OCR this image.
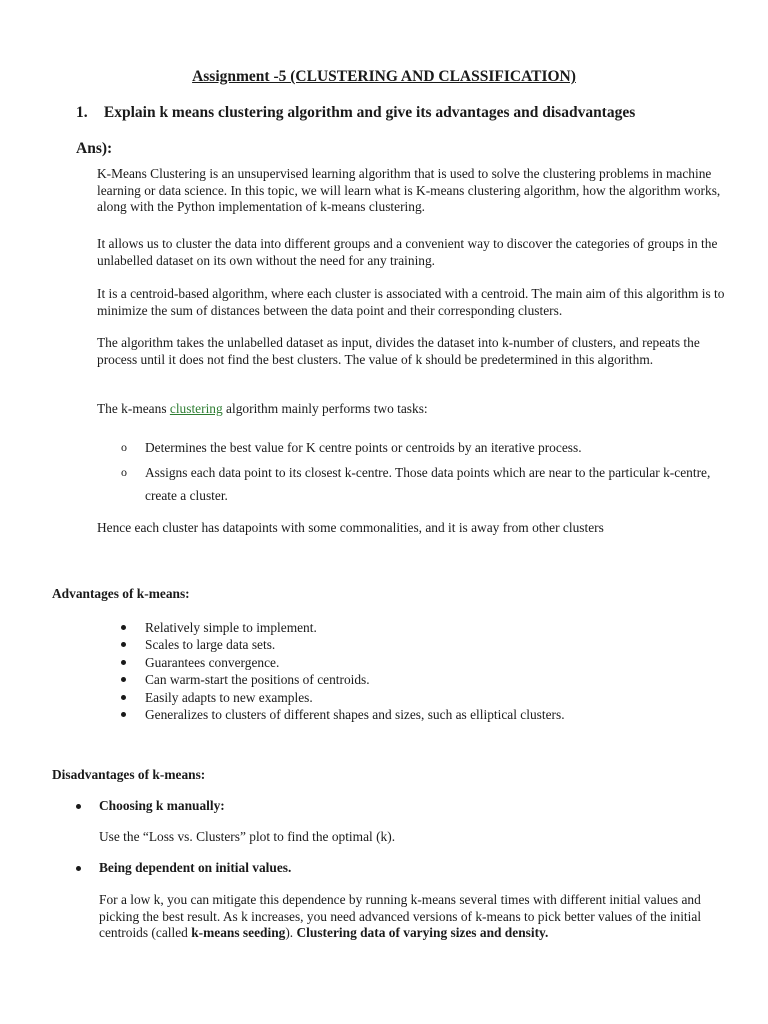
Assignment -5 (CLUSTERING AND CLASSIFICATION)
1. Explain k means clustering algorithm and give its advantages and disadvantages
Ans):
K-Means Clustering is an unsupervised learning algorithm that is used to solve the clustering problems in machine learning or data science. In this topic, we will learn what is K-means clustering algorithm, how the algorithm works, along with the Python implementation of k-means clustering.
It allows us to cluster the data into different groups and a convenient way to discover the categories of groups in the unlabelled dataset on its own without the need for any training.
It is a centroid-based algorithm, where each cluster is associated with a centroid. The main aim of this algorithm is to minimize the sum of distances between the data point and their corresponding clusters.
The algorithm takes the unlabelled dataset as input, divides the dataset into k-number of clusters, and repeats the process until it does not find the best clusters. The value of k should be predetermined in this algorithm.
The k-means clustering algorithm mainly performs two tasks:
o Determines the best value for K centre points or centroids by an iterative process.
o Assigns each data point to its closest k-centre. Those data points which are near to the particular k-centre, create a cluster.
Hence each cluster has datapoints with some commonalities, and it is away from other clusters
Advantages of k-means:
Relatively simple to implement.
Scales to large data sets.
Guarantees convergence.
Can warm-start the positions of centroids.
Easily adapts to new examples.
Generalizes to clusters of different shapes and sizes, such as elliptical clusters.
Disadvantages of k-means:
Choosing k manually:
Use the “Loss vs. Clusters” plot to find the optimal (k).
Being dependent on initial values.
For a low k, you can mitigate this dependence by running k-means several times with different initial values and picking the best result. As k increases, you need advanced versions of k-means to pick better values of the initial centroids (called k-means seeding). Clustering data of varying sizes and density.
